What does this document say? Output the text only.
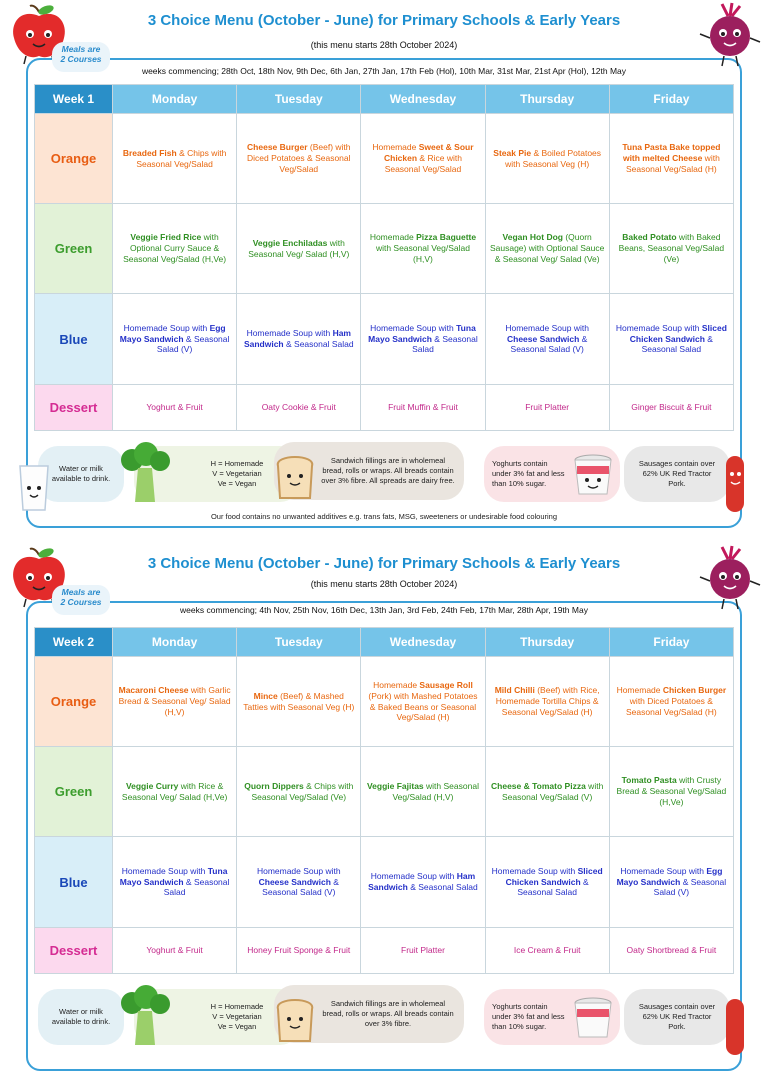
Meals are
2 Courses
3 Choice Menu (October - June) for Primary Schools & Early Years
(this menu starts 28th October 2024)
weeks commencing; 28th Oct, 18th Nov, 9th Dec, 6th Jan, 27th Jan, 17th Feb (Hol), 10th Mar, 31st Mar, 21st Apr (Hol), 12th May
Week 1	Monday	Tuesday	Wednesday	Thursday	Friday
Orange	Breaded Fish & Chips with Seasonal Veg/Salad	Cheese Burger (Beef) with Diced Potatoes & Seasonal Veg/Salad	Homemade Sweet & Sour Chicken & Rice with Seasonal Veg/Salad	Steak Pie & Boiled Potatoes with Seasonal Veg (H)	Tuna Pasta Bake topped with melted Cheese with Seasonal Veg/Salad (H)
Green	Veggie Fried Rice with Optional Curry Sauce & Seasonal Veg/Salad (H,Ve)	Veggie Enchiladas with Seasonal Veg/ Salad (H,V)	Homemade Pizza Baguette with Seasonal Veg/Salad (H,V)	Vegan Hot Dog (Quorn Sausage) with Optional Sauce & Seasonal Veg/ Salad (Ve)	Baked Potato with Baked Beans, Seasonal Veg/Salad (Ve)
Blue	Homemade Soup with Egg Mayo Sandwich & Seasonal Salad (V)	Homemade Soup with Ham Sandwich & Seasonal Salad	Homemade Soup with Tuna Mayo Sandwich & Seasonal Salad	Homemade Soup with Cheese Sandwich & Seasonal Salad (V)	Homemade Soup with Sliced Chicken Sandwich & Seasonal Salad
Dessert	Yoghurt & Fruit	Oaty Cookie & Fruit	Fruit Muffin & Fruit	Fruit Platter	Ginger Biscuit & Fruit
Water or milk available to drink.
H = Homemade
V = Vegetarian
Ve = Vegan
Sandwich fillings are in wholemeal bread, rolls or wraps. All breads contain over 3% fibre. All spreads are dairy free.
Yoghurts contain under 3% fat and less than 10% sugar.
Sausages contain over 62% UK Red Tractor Pork.
Our food contains no unwanted additives e.g. trans fats, MSG, sweeteners or undesirable food colouring
Meals are
2 Courses
3 Choice Menu (October - June) for Primary Schools & Early Years
(this menu starts 28th October 2024)
weeks commencing; 4th Nov, 25th Nov, 16th Dec, 13th Jan, 3rd Feb, 24th Feb, 17th Mar, 28th Apr, 19th May
Week 2	Monday	Tuesday	Wednesday	Thursday	Friday
Orange	Macaroni Cheese with Garlic Bread & Seasonal Veg/ Salad (H,V)	Mince (Beef) & Mashed Tatties with Seasonal Veg (H)	Homemade Sausage Roll (Pork) with Mashed Potatoes & Baked Beans or Seasonal Veg/Salad (H)	Mild Chilli (Beef) with Rice, Homemade Tortilla Chips & Seasonal Veg/Salad (H)	Homemade Chicken Burger with Diced Potatoes & Seasonal Veg/Salad (H)
Green	Veggie Curry with Rice & Seasonal Veg/ Salad (H,Ve)	Quorn Dippers & Chips with Seasonal Veg/Salad (Ve)	Veggie Fajitas with Seasonal Veg/Salad (H,V)	Cheese & Tomato Pizza with Seasonal Veg/Salad (V)	Tomato Pasta with Crusty Bread & Seasonal Veg/Salad (H,Ve)
Blue	Homemade Soup with Tuna Mayo Sandwich & Seasonal Salad	Homemade Soup with Cheese Sandwich & Seasonal Salad (V)	Homemade Soup with Ham Sandwich & Seasonal Salad	Homemade Soup with Sliced Chicken Sandwich & Seasonal Salad	Homemade Soup with Egg Mayo Sandwich & Seasonal Salad (V)
Dessert	Yoghurt & Fruit	Honey Fruit Sponge & Fruit	Fruit Platter	Ice Cream & Fruit	Oaty Shortbread & Fruit
Water or milk available to drink.
H = Homemade
V = Vegetarian
Ve = Vegan
Sandwich fillings are in wholemeal bread, rolls or wraps. All breads contain over 3% fibre.
Yoghurts contain under 3% fat and less than 10% sugar.
Sausages contain over 62% UK Red Tractor Pork.
